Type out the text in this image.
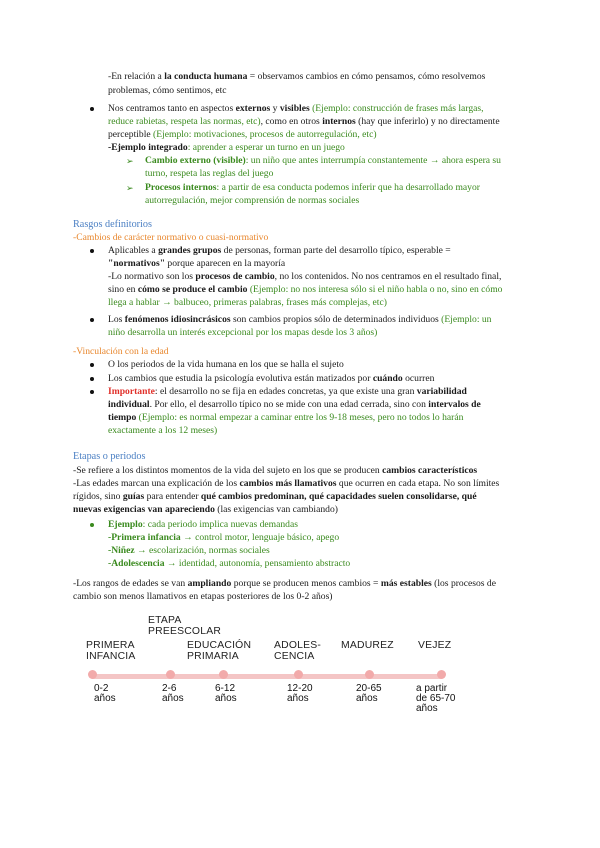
-En relación a la conducta humana = observamos cambios en cómo pensamos, cómo resolvemos
problemas, cómo sentimos, etc
Nos centramos tanto en aspectos externos y visibles (Ejemplo: construcción de frases más largas,
reduce rabietas, respeta las normas, etc), como en otros internos (hay que inferirlo) y no directamente
perceptible (Ejemplo: motivaciones, procesos de autorregulación, etc)
-Ejemplo integrado: aprender a esperar un turno en un juego
➢ Cambio externo (visible): un niño que antes interrumpía constantemente → ahora espera su
turno, respeta las reglas del juego
➢ Procesos internos: a partir de esa conducta podemos inferir que ha desarrollado mayor
autorregulación, mejor comprensión de normas sociales
Rasgos definitorios
-Cambios de carácter normativo o cuasi-normativo
Aplicables a grandes grupos de personas, forman parte del desarrollo típico, esperable =
"normativos" porque aparecen en la mayoría
-Lo normativo son los procesos de cambio, no los contenidos. No nos centramos en el resultado final,
sino en cómo se produce el cambio (Ejemplo: no nos interesa sólo si el niño habla o no, sino en cómo
llega a hablar → balbuceo, primeras palabras, frases más complejas, etc)
Los fenómenos idiosincrásicos son cambios propios sólo de determinados individuos (Ejemplo: un
niño desarrolla un interés excepcional por los mapas desde los 3 años)
-Vinculación con la edad
O los periodos de la vida humana en los que se halla el sujeto
Los cambios que estudia la psicología evolutiva están matizados por cuándo ocurren
Importante: el desarrollo no se fija en edades concretas, ya que existe una gran variabilidad
individual. Por ello, el desarrollo típico no se mide con una edad cerrada, sino con intervalos de
tiempo (Ejemplo: es normal empezar a caminar entre los 9-18 meses, pero no todos lo harán
exactamente a los 12 meses)
Etapas o periodos
-Se refiere a los distintos momentos de la vida del sujeto en los que se producen cambios característicos
-Las edades marcan una explicación de los cambios más llamativos que ocurren en cada etapa. No son límites
rígidos, sino guías para entender qué cambios predominan, qué capacidades suelen consolidarse, qué
nuevas exigencias van apareciendo (las exigencias van cambiando)
Ejemplo: cada periodo implica nuevas demandas
-Primera infancia → control motor, lenguaje básico, apego
-Niñez → escolarización, normas sociales
-Adolescencia → identidad, autonomía, pensamiento abstracto
-Los rangos de edades se van ampliando porque se producen menos cambios = más estables (los procesos de
cambio son menos llamativos en etapas posteriores de los 0-2 años)
PRIMERA
INFANCIA
ETAPA
PREESCOLAR
EDUCACIÓN
PRIMARIA
ADOLES-
CENCIA
MADUREZ VEJEZ
0-2
años
2-6
años
6-12
años
12-20
años
20-65
años
a partir
de 65-70
años
